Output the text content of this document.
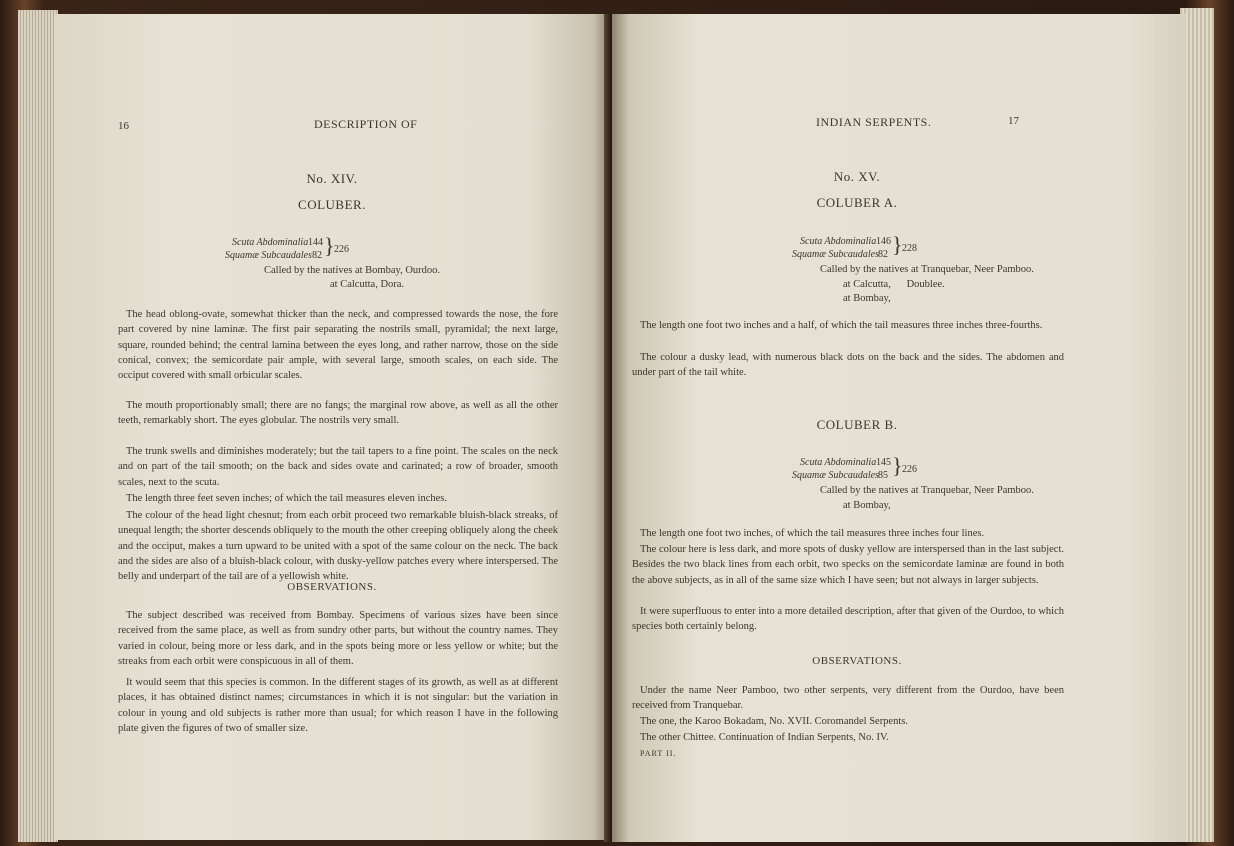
16	DESCRIPTION OF
No. XIV.
COLUBER.
Scuta Abdominalia 144
Squamæ Subcaudales 82 } 226
Called by the natives at Bombay, Ourdoo.
at Calcutta, Dora.
The head oblong-ovate, somewhat thicker than the neck, and compressed towards the nose, the fore part covered by nine laminæ. The first pair separating the nostrils small, pyramidal; the next large, square, rounded behind; the central lamina between the eyes long, and rather narrow, those on the side conical, convex; the semicordate pair ample, with several large, smooth scales, on each side. The occiput covered with small orbicular scales.
The mouth proportionably small; there are no fangs; the marginal row above, as well as all the other teeth, remarkably short. The eyes globular. The nostrils very small.
The trunk swells and diminishes moderately; but the tail tapers to a fine point. The scales on the neck and on part of the tail smooth; on the back and sides ovate and carinated; a row of broader, smooth scales, next to the scuta.
The length three feet seven inches; of which the tail measures eleven inches.
The colour of the head light chesnut; from each orbit proceed two remarkable bluish-black streaks, of unequal length; the shorter descends obliquely to the mouth the other creeping obliquely along the cheek and the occiput, makes a turn upward to be united with a spot of the same colour on the neck. The back and the sides are also of a bluish-black colour, with dusky-yellow patches every where interspersed. The belly and underpart of the tail are of a yellowish white.
OBSERVATIONS.
The subject described was received from Bombay. Specimens of various sizes have been since received from the same place, as well as from sundry other parts, but without the country names. They varied in colour, being more or less dark, and in the spots being more or less yellow or white; but the streaks from each orbit were conspicuous in all of them.
It would seem that this species is common. In the different stages of its growth, as well as at different places, it has obtained distinct names; circumstances in which it is not singular: but the variation in colour in young and old subjects is rather more than usual; for which reason I have in the following plate given the figures of two of smaller size.
INDIAN SERPENTS.	17
No. XV.
COLUBER A.
Scuta Abdominalia 146
Squamæ Subcaudales 82 } 228
Called by the natives at Tranquebar, Neer Pamboo.
at Calcutta,      Doublee.
at Bombay,
The length one foot two inches and a half, of which the tail measures three inches three-fourths.
The colour a dusky lead, with numerous black dots on the back and the sides. The abdomen and under part of the tail white.
COLUBER B.
Scuta Abdominalia 145
Squamæ Subcaudales 85 } 226
Called by the natives at Tranquebar, Neer Pamboo.
at Bombay,
The length one foot two inches, of which the tail measures three inches four lines.
The colour here is less dark, and more spots of dusky yellow are interspersed than in the last subject. Besides the two black lines from each orbit, two specks on the semicordate laminæ are found in both the above subjects, as in all of the same size which I have seen; but not always in larger subjects.
It were superfluous to enter into a more detailed description, after that given of the Ourdoo, to which species both certainly belong.
OBSERVATIONS.
Under the name Neer Pamboo, two other serpents, very different from the Ourdoo, have been received from Tranquebar.
The one, the Karoo Bokadam, No. XVII. Coromandel Serpents.
The other Chittee. Continuation of Indian Serpents, No. IV.
PART II.
